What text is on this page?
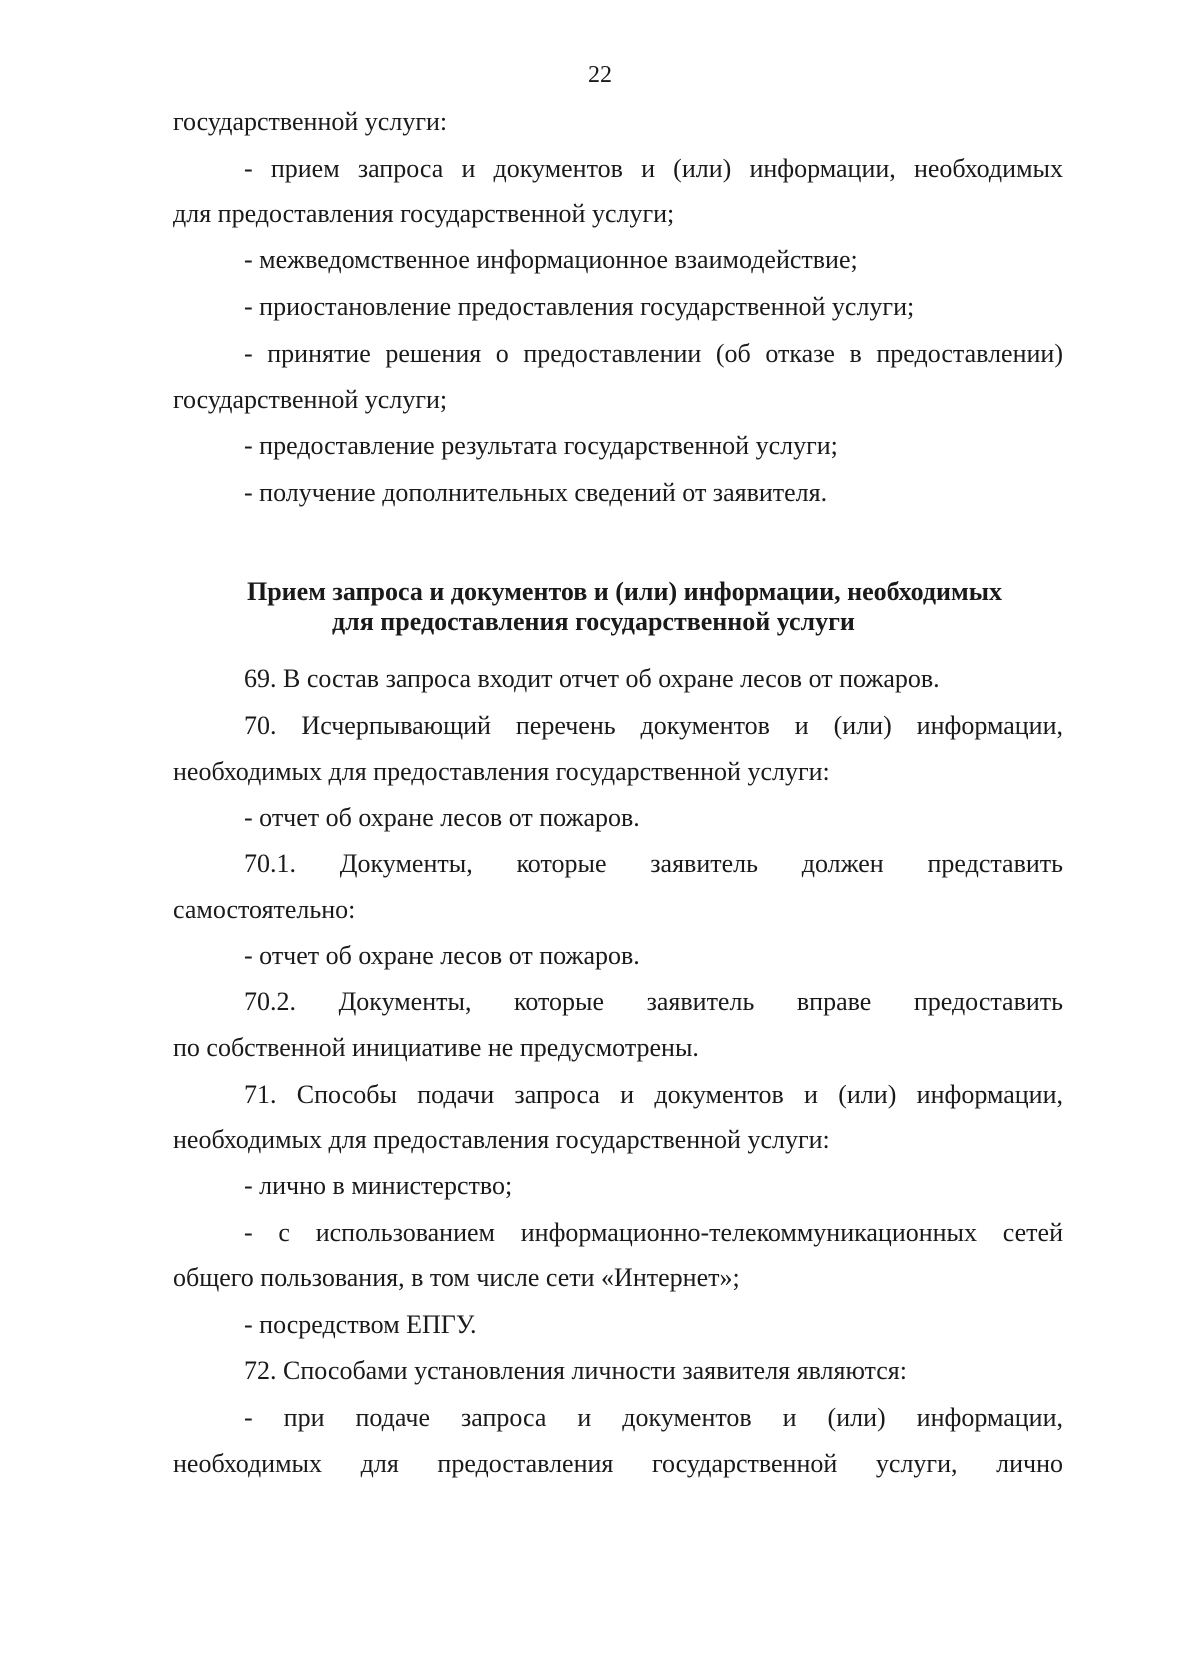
22
государственной услуги:
- прием запроса и документов и (или) информации, необходимых
для предоставления государственной услуги;
- межведомственное информационное взаимодействие;
- приостановление предоставления государственной услуги;
- принятие решения о предоставлении (об отказе в предоставлении)
государственной услуги;
- предоставление результата государственной услуги;
- получение дополнительных сведений от заявителя.
Прием запроса и документов и (или) информации, необходимых
для предоставления государственной услуги
69. В состав запроса входит отчет об охране лесов от пожаров.
70. Исчерпывающий перечень документов и (или) информации,
необходимых для предоставления государственной услуги:
- отчет об охране лесов от пожаров.
70.1. Документы, которые заявитель должен представить
самостоятельно:
- отчет об охране лесов от пожаров.
70.2. Документы, которые заявитель вправе предоставить
по собственной инициативе не предусмотрены.
71. Способы подачи запроса и документов и (или) информации,
необходимых для предоставления государственной услуги:
- лично в министерство;
- с использованием информационно-телекоммуникационных сетей
общего пользования, в том числе сети «Интернет»;
- посредством ЕПГУ.
72. Способами установления личности заявителя являются:
- при подаче запроса и документов и (или) информации,
необходимых для предоставления государственной услуги, лично
